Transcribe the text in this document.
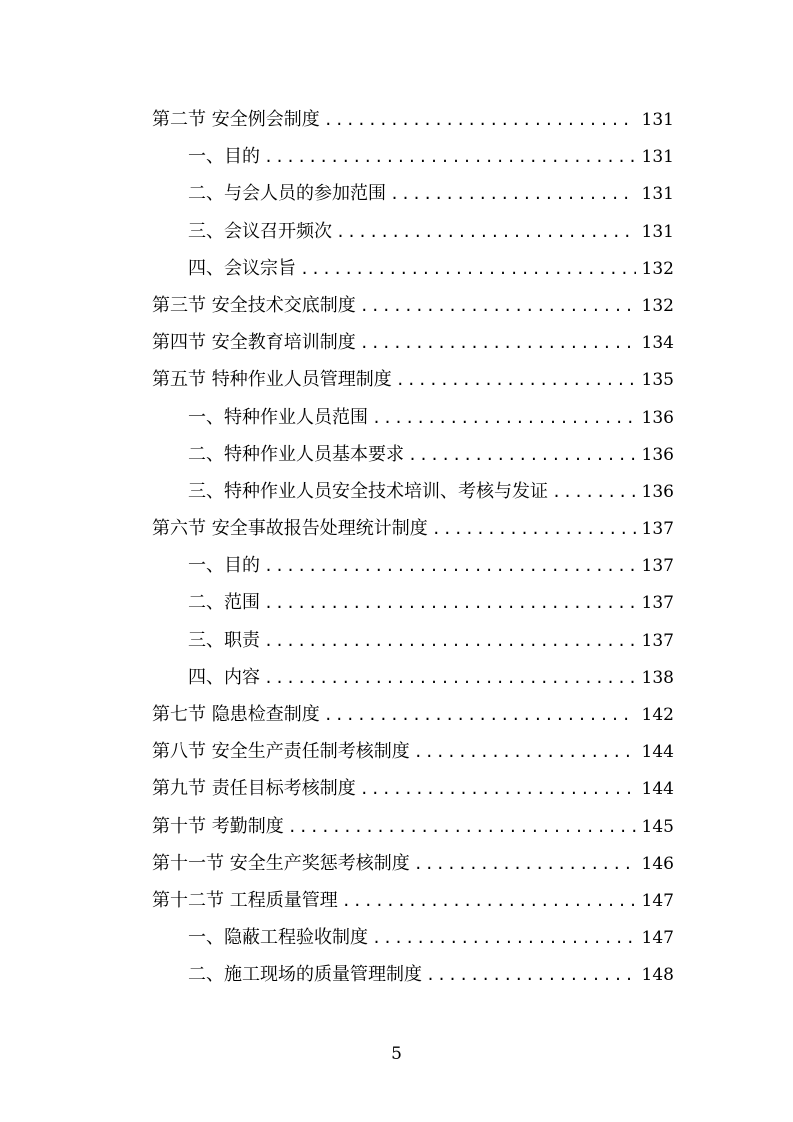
第二节 安全例会制度 .....	131
一、目的 .....	131
二、与会人员的参加范围 .....	131
三、会议召开频次 .....	131
四、会议宗旨 .....	132
第三节 安全技术交底制度 .....	132
第四节 安全教育培训制度 .....	134
第五节 特种作业人员管理制度 .....	135
一、特种作业人员范围 .....	136
二、特种作业人员基本要求 .....	136
三、特种作业人员安全技术培训、考核与发证 .....	136
第六节 安全事故报告处理统计制度 .....	137
一、目的 .....	137
二、范围 .....	137
三、职责 .....	137
四、内容 .....	138
第七节 隐患检查制度 .....	142
第八节 安全生产责任制考核制度 .....	144
第九节 责任目标考核制度 .....	144
第十节 考勤制度 .....	145
第十一节 安全生产奖惩考核制度 .....	146
第十二节 工程质量管理 .....	147
一、隐蔽工程验收制度 .....	147
二、施工现场的质量管理制度 .....	148
5
